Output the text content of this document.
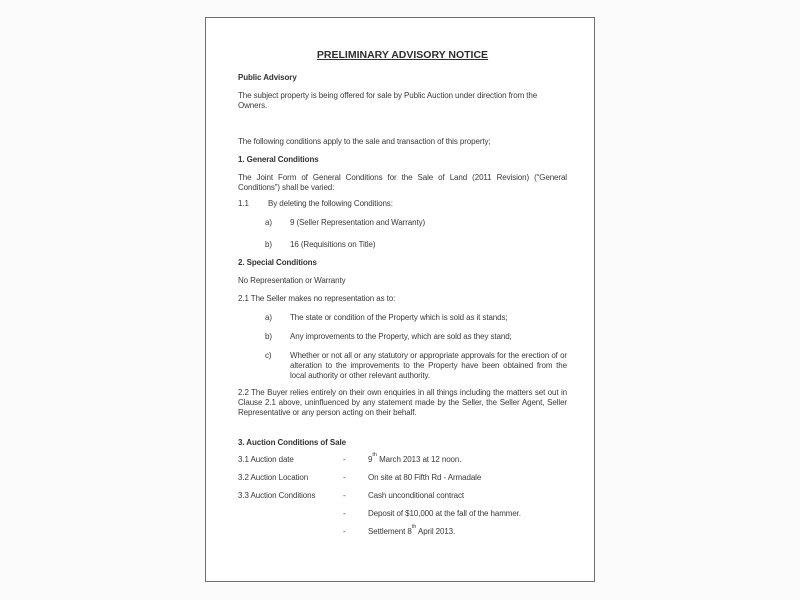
PRELIMINARY ADVISORY NOTICE

Public Advisory

The subject property is being offered for sale by Public Auction under direction from the Owners.

The following conditions apply to the sale and transaction of this property;

1. General Conditions

The Joint Form of General Conditions for the Sale of Land (2011 Revision) (“General Conditions”) shall be varied:

1.1	By deleting the following Conditions:
a)	9 (Seller Representation and Warranty)
b)	16 (Requisitions on Title)

2. Special Conditions

No Representation or Warranty

2.1 The Seller makes no representation as to:

a)	The state or condition of the Property which is sold as it stands;
b)	Any improvements to the Property, which are sold as they stand;
c)	Whether or not all or any statutory or appropriate approvals for the erection of or alteration to the improvements to the Property have been obtained from the local authority or other relevant authority.

2.2 The Buyer relies entirely on their own enquiries in all things including the matters set out in Clause 2.1 above, uninfluenced by any statement made by the Seller, the Seller Agent, Seller Representative or any person acting on their behalf.

3. Auction Conditions of Sale

3.1 Auction date	-	9th March 2013 at 12 noon.
3.2 Auction Location	-	On site at 80 Fifth Rd - Armadale
3.3 Auction Conditions	-	Cash unconditional contract
-	Deposit of $10,000 at the fall of the hammer.
-	Settlement 8th April 2013.
